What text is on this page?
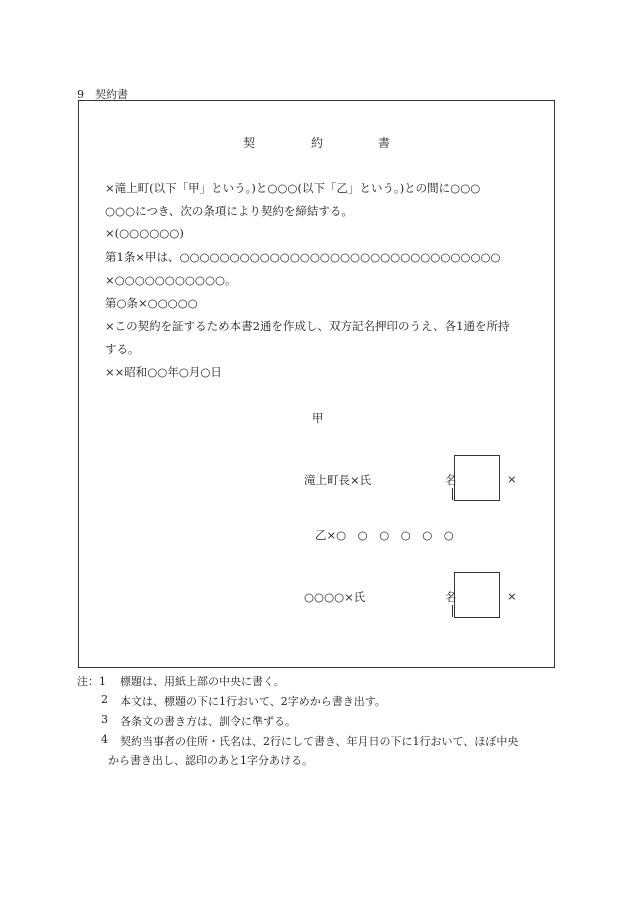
9　契約書
契	約	書
×滝上町(以下「甲」という。)と○○○(以下「乙」という。)との間に○○○
○○○につき、次の条項により契約を締結する。
×(○○○○○○)
第1条×甲は、○○○○○○○○○○○○○○○○○○○○○○○○○○○○○○○○
×○○○○○○○○○○○。
第○条×○○○○○
×この契約を証するため本書2通を作成し、双方記名押印のうえ、各1通を所持
する。
××昭和○○年○月○日
甲
滝上町長×氏	名	×
乙×○　○　○　○　○　○
○○○○×氏	名	×
注：1 標題は、用紙上部の中央に書く。
2 本文は、標題の下に1行おいて、2字めから書き出す。
3 各条文の書き方は、訓令に準ずる。
4 契約当事者の住所・氏名は、2行にして書き、年月日の下に1行おいて、ほぼ中央
から書き出し、認印のあと1字分あける。
